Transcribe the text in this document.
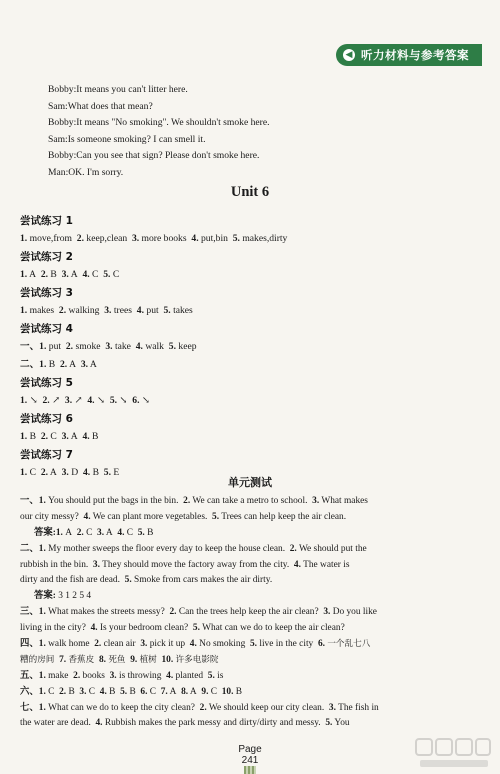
◀ 听力材料与参考答案
Bobby:It means you can't litter here.
Sam:What does that mean?
Bobby:It means "No smoking". We shouldn't smoke here.
Sam:Is someone smoking? I can smell it.
Bobby:Can you see that sign? Please don't smoke here.
Man:OK. I'm sorry.
Unit 6
尝试练习 1
1. move,from 2. keep,clean 3. more books 4. put,bin 5. makes,dirty
尝试练习 2
1. A 2. B 3. A 4. C 5. C
尝试练习 3
1. makes 2. walking 3. trees 4. put 5. takes
尝试练习 4
一、1. put 2. smoke 3. take 4. walk 5. keep
二、1. B 2. A 3. A
尝试练习 5
1. ↘ 2. ↗ 3. ↗ 4. ↘ 5. ↘ 6. ↘
尝试练习 6
1. B 2. C 3. A 4. B
尝试练习 7
1. C 2. A 3. D 4. B 5. E
单元测试
一、1. You should put the bags in the bin. 2. We can take a metro to school. 3. What makes
our city messy? 4. We can plant more vegetables. 5. Trees can help keep the air clean.
答案:1. A 2. C 3. A 4. C 5. B
二、1. My mother sweeps the floor every day to keep the house clean. 2. We should put the
rubbish in the bin. 3. They should move the factory away from the city. 4. The water is
dirty and the fish are dead. 5. Smoke from cars makes the air dirty.
答案: 3 1 2 5 4
三、1. What makes the streets messy? 2. Can the trees help keep the air clean? 3. Do you like
living in the city? 4. Is your bedroom clean? 5. What can we do to keep the air clean?
四、1. walk home 2. clean air 3. pick it up 4. No smoking 5. live in the city 6. 一个乱七八
糟的房间 7. 香蕉皮 8. 死鱼 9. 植树 10. 许多电影院
五、1. make 2. books 3. is throwing 4. planted 5. is
六、1. C 2. B 3. C 4. B 5. B 6. C 7. A 8. A 9. C 10. B
七、1. What can we do to keep the city clean? 2. We should keep our city clean. 3. The fish in
the water are dead. 4. Rubbish makes the park messy and dirty/dirty and messy. 5. You
Page
241
